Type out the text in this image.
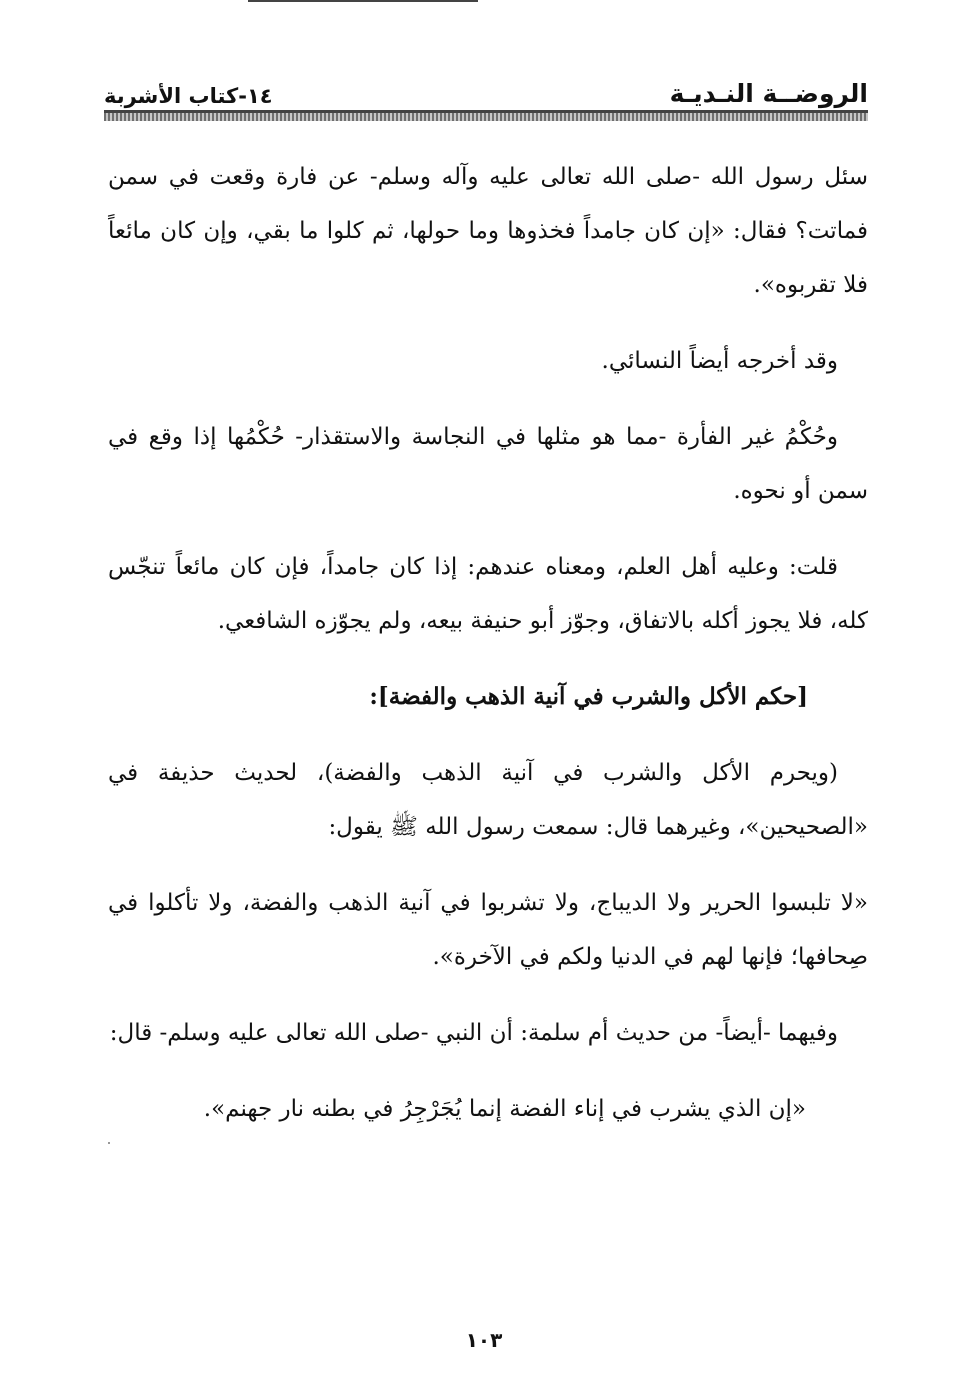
الروضــة النـديـة
١٤-كتاب الأشربة

سئل رسول الله -صلى الله تعالى عليه وآله وسلم- عن فارة وقعت في سمن فماتت؟ فقال: «إن كان جامداً فخذوها وما حولها، ثم كلوا ما بقي، وإن كان مائعاً فلا تقربوه».

وقد أخرجه أيضاً النسائي.

وحُكْمُ غير الفأرة -مما هو مثلها في النجاسة والاستقذار- حُكْمُها إذا وقع في سمن أو نحوه.

قلت: وعليه أهل العلم، ومعناه عندهم: إذا كان جامداً، فإن كان مائعاً تنجّس كله، فلا يجوز أكله بالاتفاق، وجوّز أبو حنيفة بيعه، ولم يجوّزه الشافعي.

[حكم الأكل والشرب في آنية الذهب والفضة]:

(ويحرم الأكل والشرب في آنية الذهب والفضة)، لحديث حذيفة في «الصحيحين»، وغيرهما قال: سمعت رسول الله ﷺ يقول:

«لا تلبسوا الحرير ولا الديباج، ولا تشربوا في آنية الذهب والفضة، ولا تأكلوا في صِحافها؛ فإنها لهم في الدنيا ولكم في الآخرة».

وفيهما -أيضاً- من حديث أم سلمة: أن النبي -صلى الله تعالى عليه وسلم- قال:

«إن الذي يشرب في إناء الفضة إنما يُجَرْجِرُ في بطنه نار جهنم».

١٠٣
